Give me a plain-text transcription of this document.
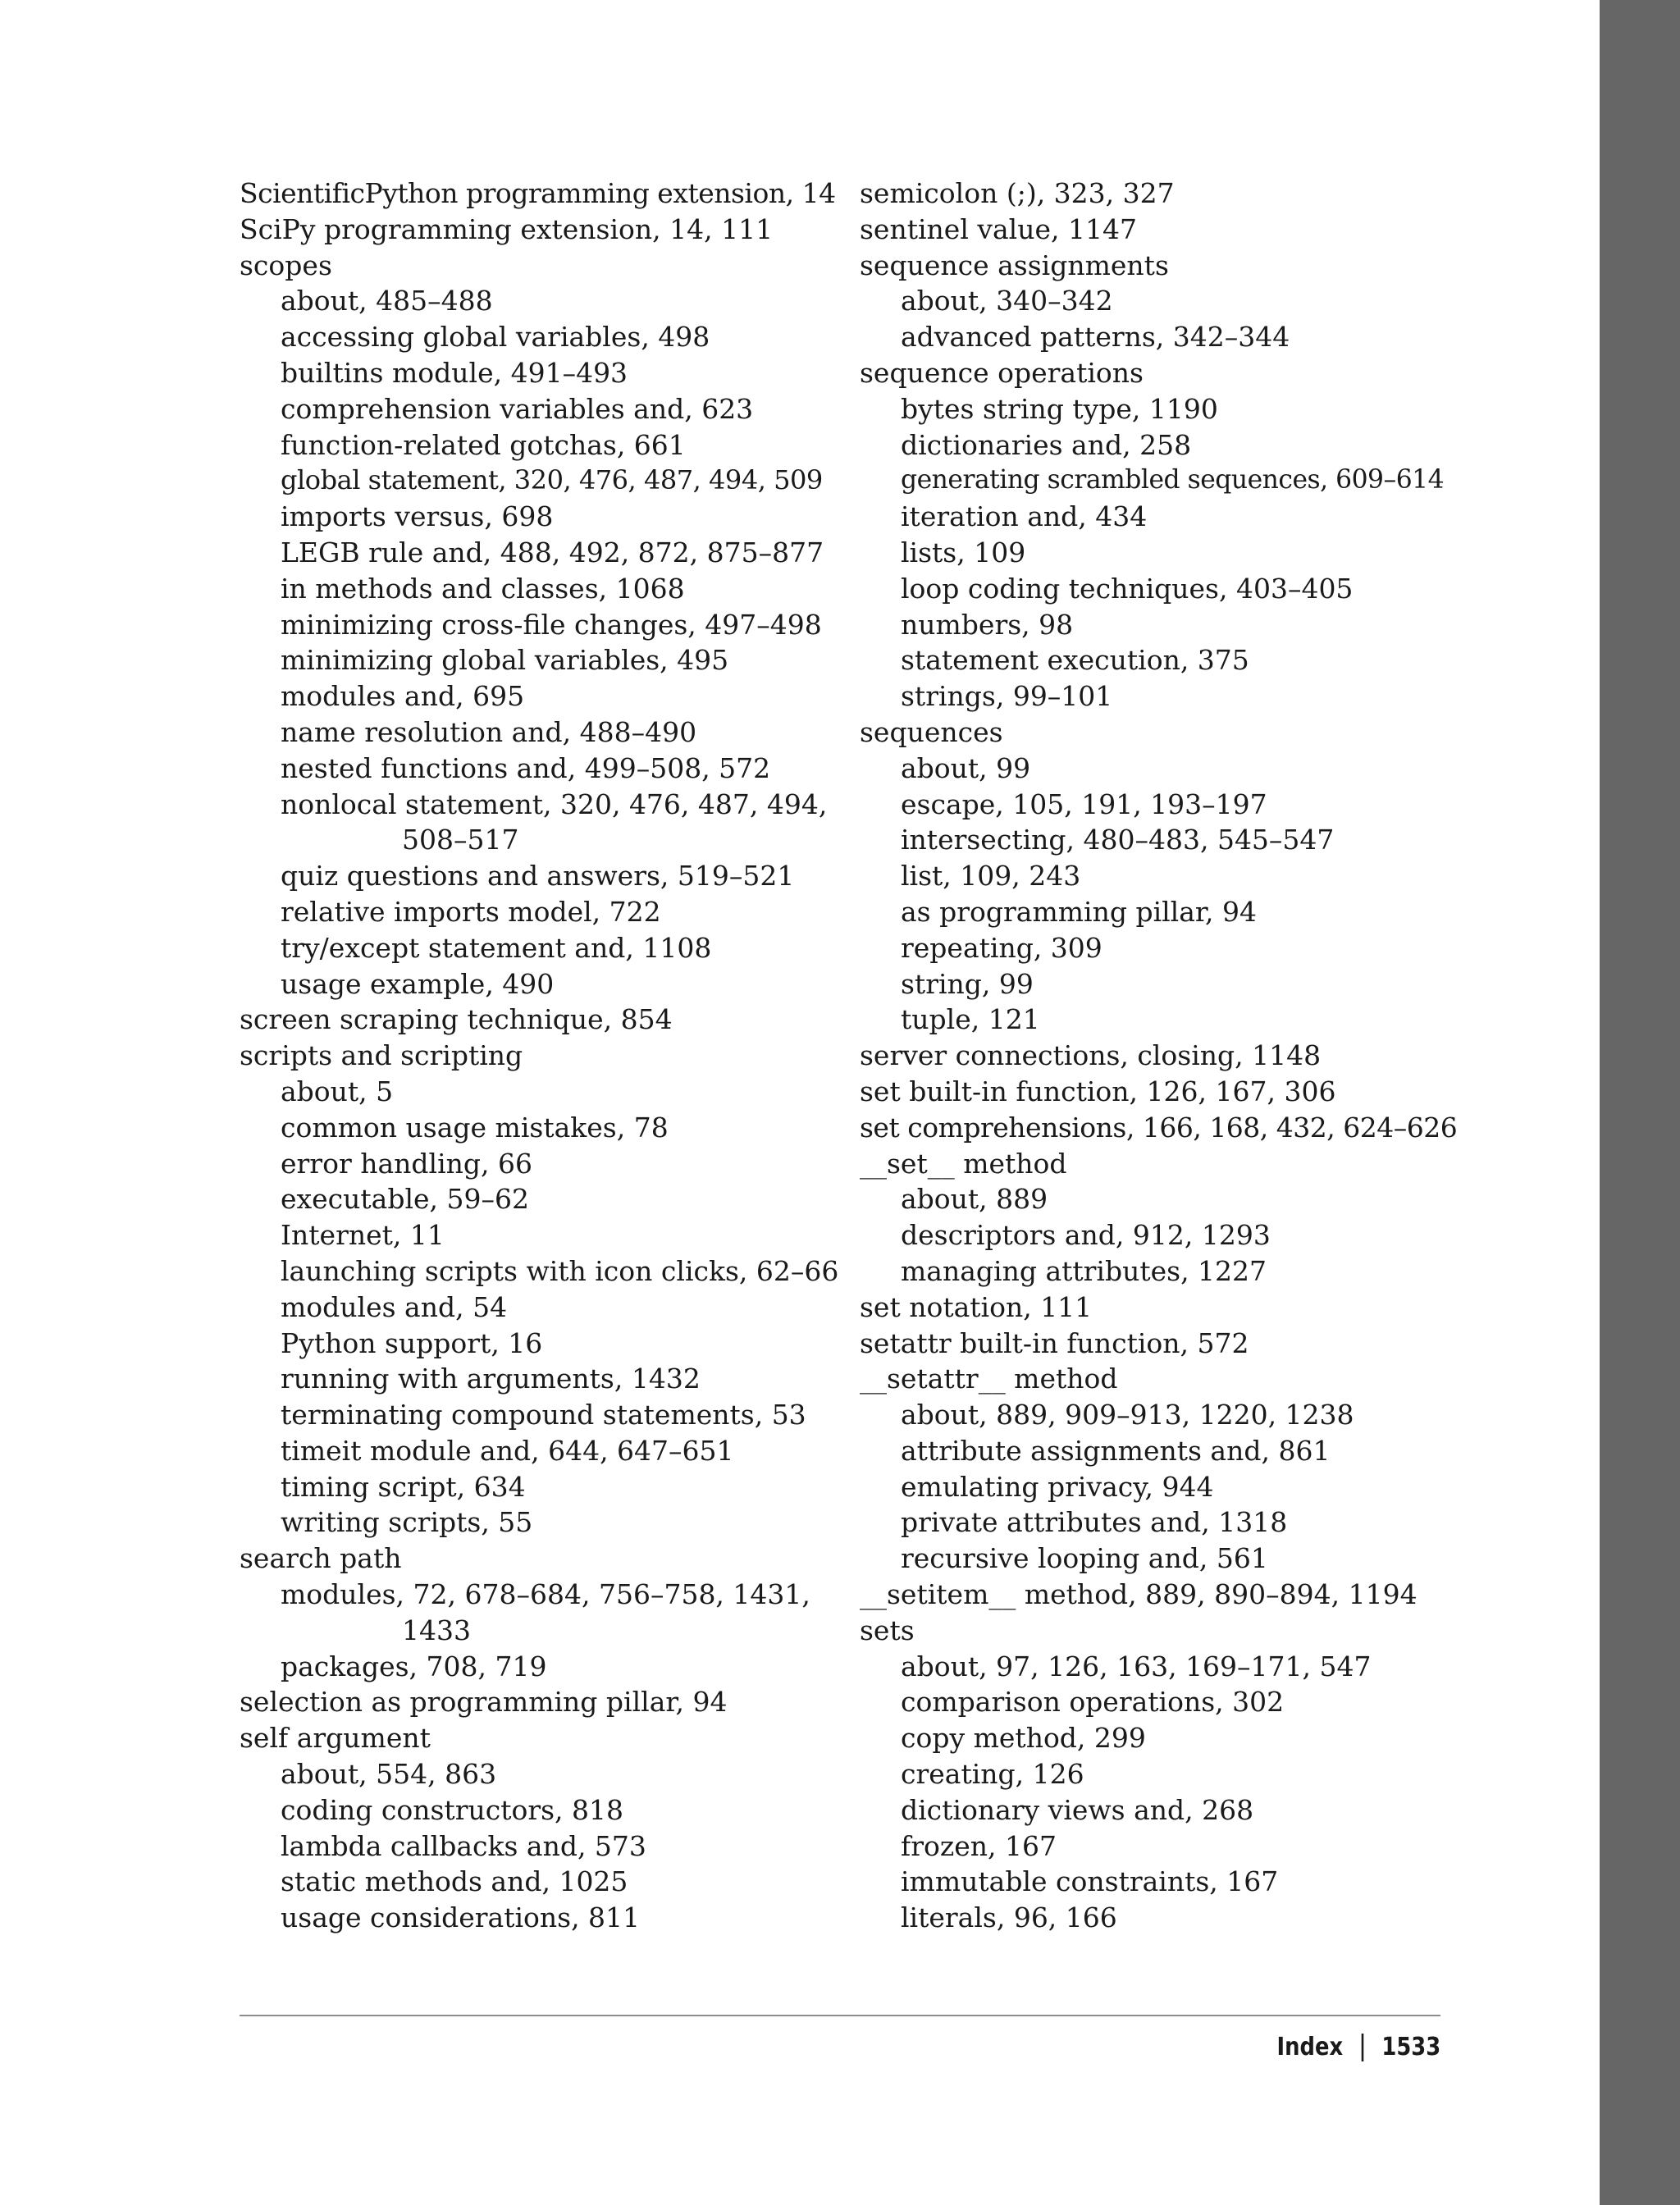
ScientificPython programming extension, 14
SciPy programming extension, 14, 111
scopes
about, 485–488
accessing global variables, 498
builtins module, 491–493
comprehension variables and, 623
function-related gotchas, 661
global statement, 320, 476, 487, 494, 509
imports versus, 698
LEGB rule and, 488, 492, 872, 875–877
in methods and classes, 1068
minimizing cross-file changes, 497–498
minimizing global variables, 495
modules and, 695
name resolution and, 488–490
nested functions and, 499–508, 572
nonlocal statement, 320, 476, 487, 494,
508–517
quiz questions and answers, 519–521
relative imports model, 722
try/except statement and, 1108
usage example, 490
screen scraping technique, 854
scripts and scripting
about, 5
common usage mistakes, 78
error handling, 66
executable, 59–62
Internet, 11
launching scripts with icon clicks, 62–66
modules and, 54
Python support, 16
running with arguments, 1432
terminating compound statements, 53
timeit module and, 644, 647–651
timing script, 634
writing scripts, 55
search path
modules, 72, 678–684, 756–758, 1431,
1433
packages, 708, 719
selection as programming pillar, 94
self argument
about, 554, 863
coding constructors, 818
lambda callbacks and, 573
static methods and, 1025
usage considerations, 811
semicolon (;), 323, 327
sentinel value, 1147
sequence assignments
about, 340–342
advanced patterns, 342–344
sequence operations
bytes string type, 1190
dictionaries and, 258
generating scrambled sequences, 609–614
iteration and, 434
lists, 109
loop coding techniques, 403–405
numbers, 98
statement execution, 375
strings, 99–101
sequences
about, 99
escape, 105, 191, 193–197
intersecting, 480–483, 545–547
list, 109, 243
as programming pillar, 94
repeating, 309
string, 99
tuple, 121
server connections, closing, 1148
set built-in function, 126, 167, 306
set comprehensions, 166, 168, 432, 624–626
__set__ method
about, 889
descriptors and, 912, 1293
managing attributes, 1227
set notation, 111
setattr built-in function, 572
__setattr__ method
about, 889, 909–913, 1220, 1238
attribute assignments and, 861
emulating privacy, 944
private attributes and, 1318
recursive looping and, 561
__setitem__ method, 889, 890–894, 1194
sets
about, 97, 126, 163, 169–171, 547
comparison operations, 302
copy method, 299
creating, 126
dictionary views and, 268
frozen, 167
immutable constraints, 167
literals, 96, 166
Index 1533
